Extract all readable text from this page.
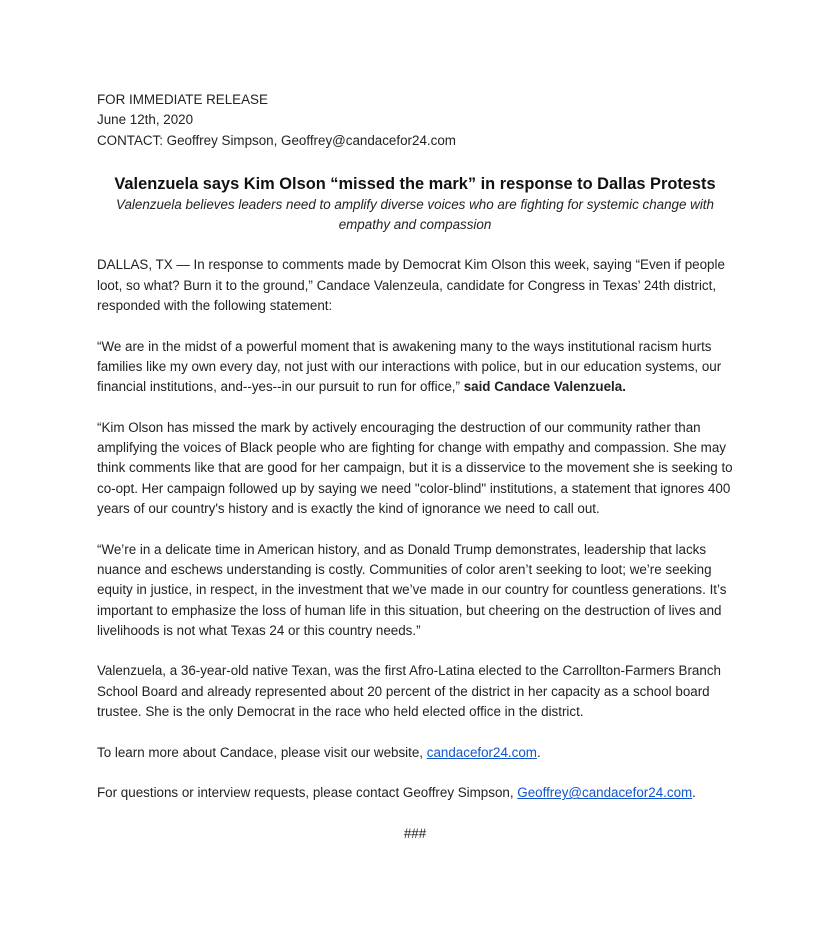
FOR IMMEDIATE RELEASE
June 12th, 2020
CONTACT: Geoffrey Simpson, Geoffrey@candacefor24.com
Valenzuela says Kim Olson “missed the mark” in response to Dallas Protests
Valenzuela believes leaders need to amplify diverse voices who are fighting for systemic change with empathy and compassion

DALLAS, TX — In response to comments made by Democrat Kim Olson this week, saying “Even if people loot, so what? Burn it to the ground,” Candace Valenzeula, candidate for Congress in Texas’ 24th district, responded with the following statement:

“We are in the midst of a powerful moment that is awakening many to the ways institutional racism hurts families like my own every day, not just with our interactions with police, but in our education systems, our financial institutions, and--yes--in our pursuit to run for office,” said Candace Valenzuela.

“Kim Olson has missed the mark by actively encouraging the destruction of our community rather than amplifying the voices of Black people who are fighting for change with empathy and compassion. She may think comments like that are good for her campaign, but it is a disservice to the movement she is seeking to co-opt. Her campaign followed up by saying we need "color-blind" institutions, a statement that ignores 400 years of our country's history and is exactly the kind of ignorance we need to call out.

“We’re in a delicate time in American history, and as Donald Trump demonstrates, leadership that lacks nuance and eschews understanding is costly. Communities of color aren’t seeking to loot; we’re seeking equity in justice, in respect, in the investment that we’ve made in our country for countless generations. It’s important to emphasize the loss of human life in this situation, but cheering on the destruction of lives and livelihoods is not what Texas 24 or this country needs.”

Valenzuela, a 36-year-old native Texan, was the first Afro-Latina elected to the Carrollton-Farmers Branch School Board and already represented about 20 percent of the district in her capacity as a school board trustee. She is the only Democrat in the race who held elected office in the district.

To learn more about Candace, please visit our website, candacefor24.com.

For questions or interview requests, please contact Geoffrey Simpson, Geoffrey@candacefor24.com.

###
